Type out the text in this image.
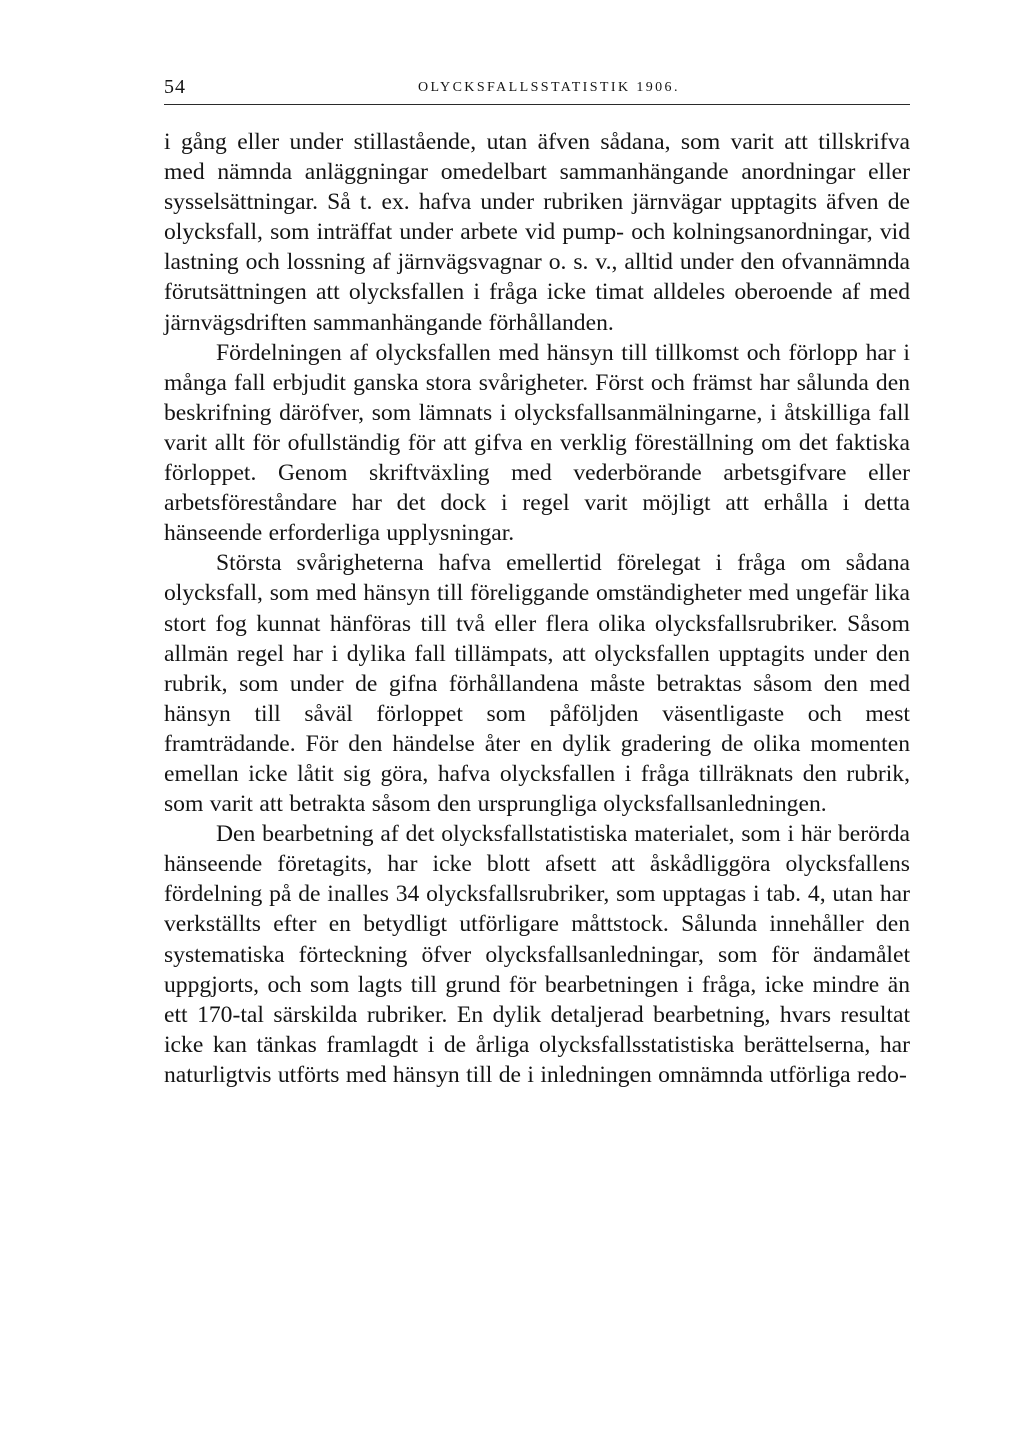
54	OLYCKSFALLSSTATISTIK 1906.

i gång eller under stillastående, utan äfven sådana, som varit att tillskrifva med nämnda anläggningar omedelbart sammanhängande anordningar eller sysselsättningar. Så t. ex. hafva under rubriken järnvägar upptagits äfven de olycksfall, som inträffat under arbete vid pump- och kolningsanordningar, vid lastning och lossning af järnvägsvagnar o. s. v., alltid under den ofvannämnda förutsättningen att olycksfallen i fråga icke timat alldeles oberoende af med järnvägsdriften sammanhängande förhållanden.

Fördelningen af olycksfallen med hänsyn till tillkomst och förlopp har i många fall erbjudit ganska stora svårigheter. Först och främst har sålunda den beskrifning däröfver, som lämnats i olycksfallsanmälningarne, i åtskilliga fall varit allt för ofullständig för att gifva en verklig föreställning om det faktiska förloppet. Genom skriftväxling med vederbörande arbetsgifvare eller arbetsföreståndare har det dock i regel varit möjligt att erhålla i detta hänseende erforderliga upplysningar.

Största svårigheterna hafva emellertid förelegat i fråga om sådana olycksfall, som med hänsyn till föreliggande omständigheter med ungefär lika stort fog kunnat hänföras till två eller flera olika olycksfallsrubriker. Såsom allmän regel har i dylika fall tillämpats, att olycksfallen upptagits under den rubrik, som under de gifna förhållandena måste betraktas såsom den med hänsyn till såväl förloppet som påföljden väsentligaste och mest framträdande. För den händelse åter en dylik gradering de olika momenten emellan icke låtit sig göra, hafva olycksfallen i fråga tillräknats den rubrik, som varit att betrakta såsom den ursprungliga olycksfallsanledningen.

Den bearbetning af det olycksfallstatistiska materialet, som i här berörda hänseende företagits, har icke blott afsett att åskådliggöra olycksfallens fördelning på de inalles 34 olycksfallsrubriker, som upptagas i tab. 4, utan har verkställts efter en betydligt utförligare måttstock. Sålunda innehåller den systematiska förteckning öfver olycksfallsanledningar, som för ändamålet uppgjorts, och som lagts till grund för bearbetningen i fråga, icke mindre än ett 170-tal särskilda rubriker. En dylik detaljerad bearbetning, hvars resultat icke kan tänkas framlagdt i de årliga olycksfallsstatistiska berättelserna, har naturligtvis utförts med hänsyn till de i inledningen omnämnda utförliga redo-
